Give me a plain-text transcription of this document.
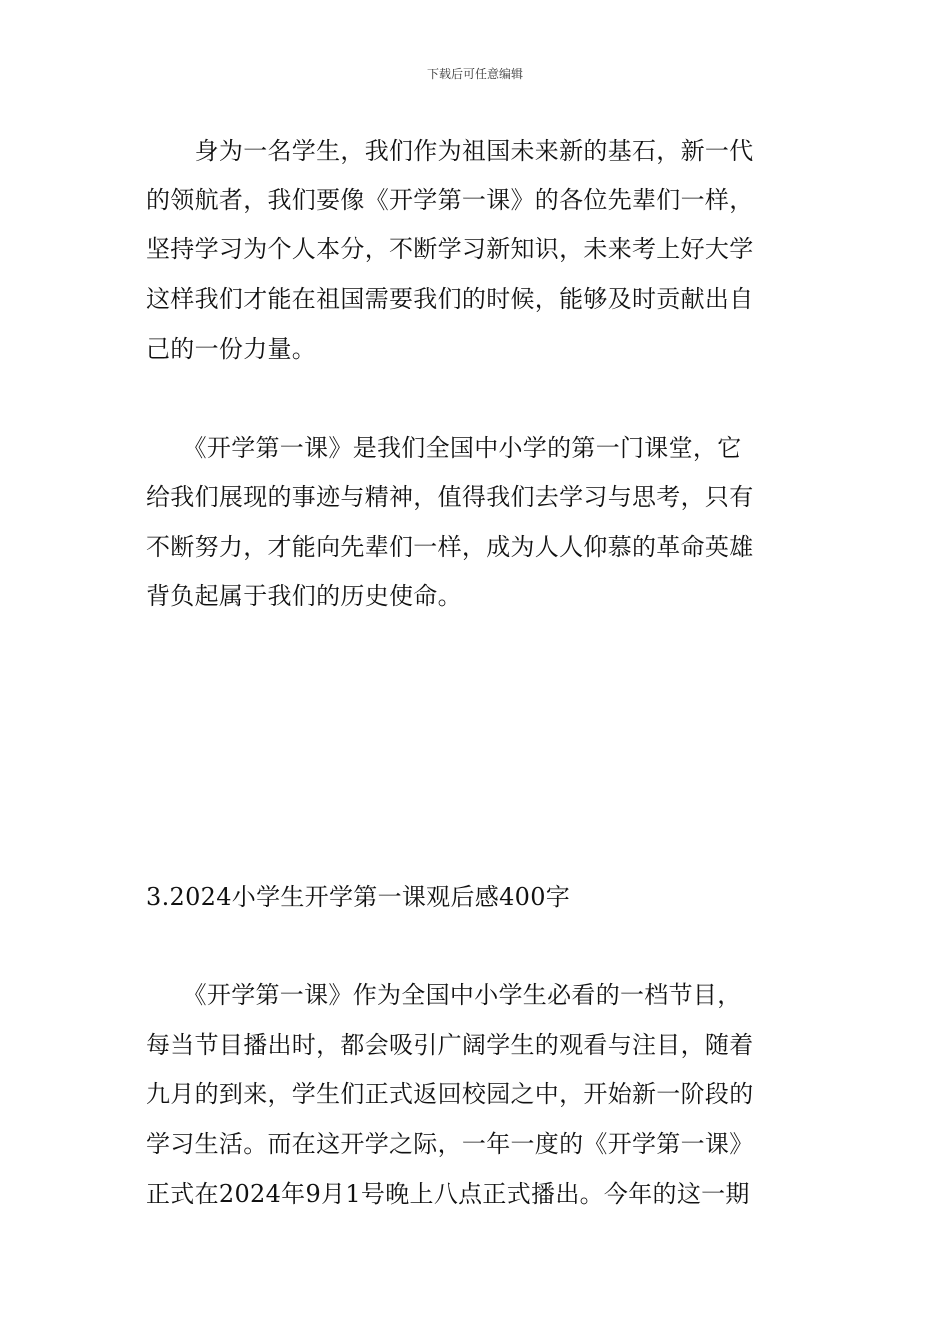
下载后可任意编辑
　　身为一名学生，我们作为祖国未来新的基石，新一代
的领航者，我们要像《开学第一课》的各位先辈们一样，
坚持学习为个人本分，不断学习新知识，未来考上好大学
这样我们才能在祖国需要我们的时候，能够及时贡献出自
己的一份力量。
　　《开学第一课》是我们全国中小学的第一门课堂，它
给我们展现的事迹与精神，值得我们去学习与思考，只有
不断努力，才能向先辈们一样，成为人人仰慕的革命英雄
背负起属于我们的历史使命。
3.2024小学生开学第一课观后感400字
　　《开学第一课》作为全国中小学生必看的一档节目，
每当节目播出时，都会吸引广阔学生的观看与注目，随着
九月的到来，学生们正式返回校园之中，开始新一阶段的
学习生活。而在这开学之际，一年一度的《开学第一课》
正式在2024年9月1号晚上八点正式播出。今年的这一期
